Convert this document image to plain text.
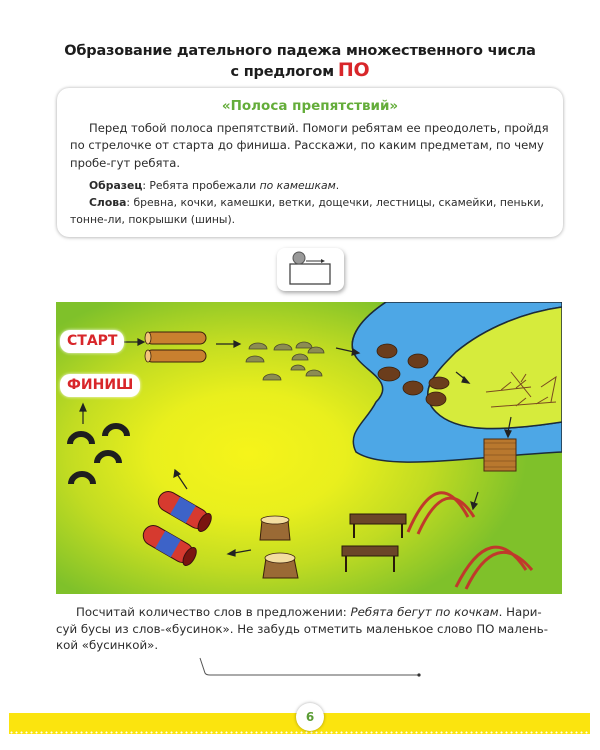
Образование дательного падежа множественного числа
с предлогом ПО
«Полоса препятствий»

Перед тобой полоса препятствий. Помоги ребятам ее преодолеть, пройдя по стрелочке от старта до финиша. Расскажи, по каким предметам, по чему пробе-гут ребята.

Образец: Ребята пробежали по камешкам.

Слова: бревна, кочки, камешки, ветки, дощечки, лестницы, скамейки, пеньки, тонне-ли, покрышки (шины).

СТАРТ
ФИНИШ

Посчитай количество слов в предложении: Ребята бегут по кочкам. Нари-суй бусы из слов-«бусинок». Не забудь отметить маленькое слово ПО малень-кой «бусинкой».

6
